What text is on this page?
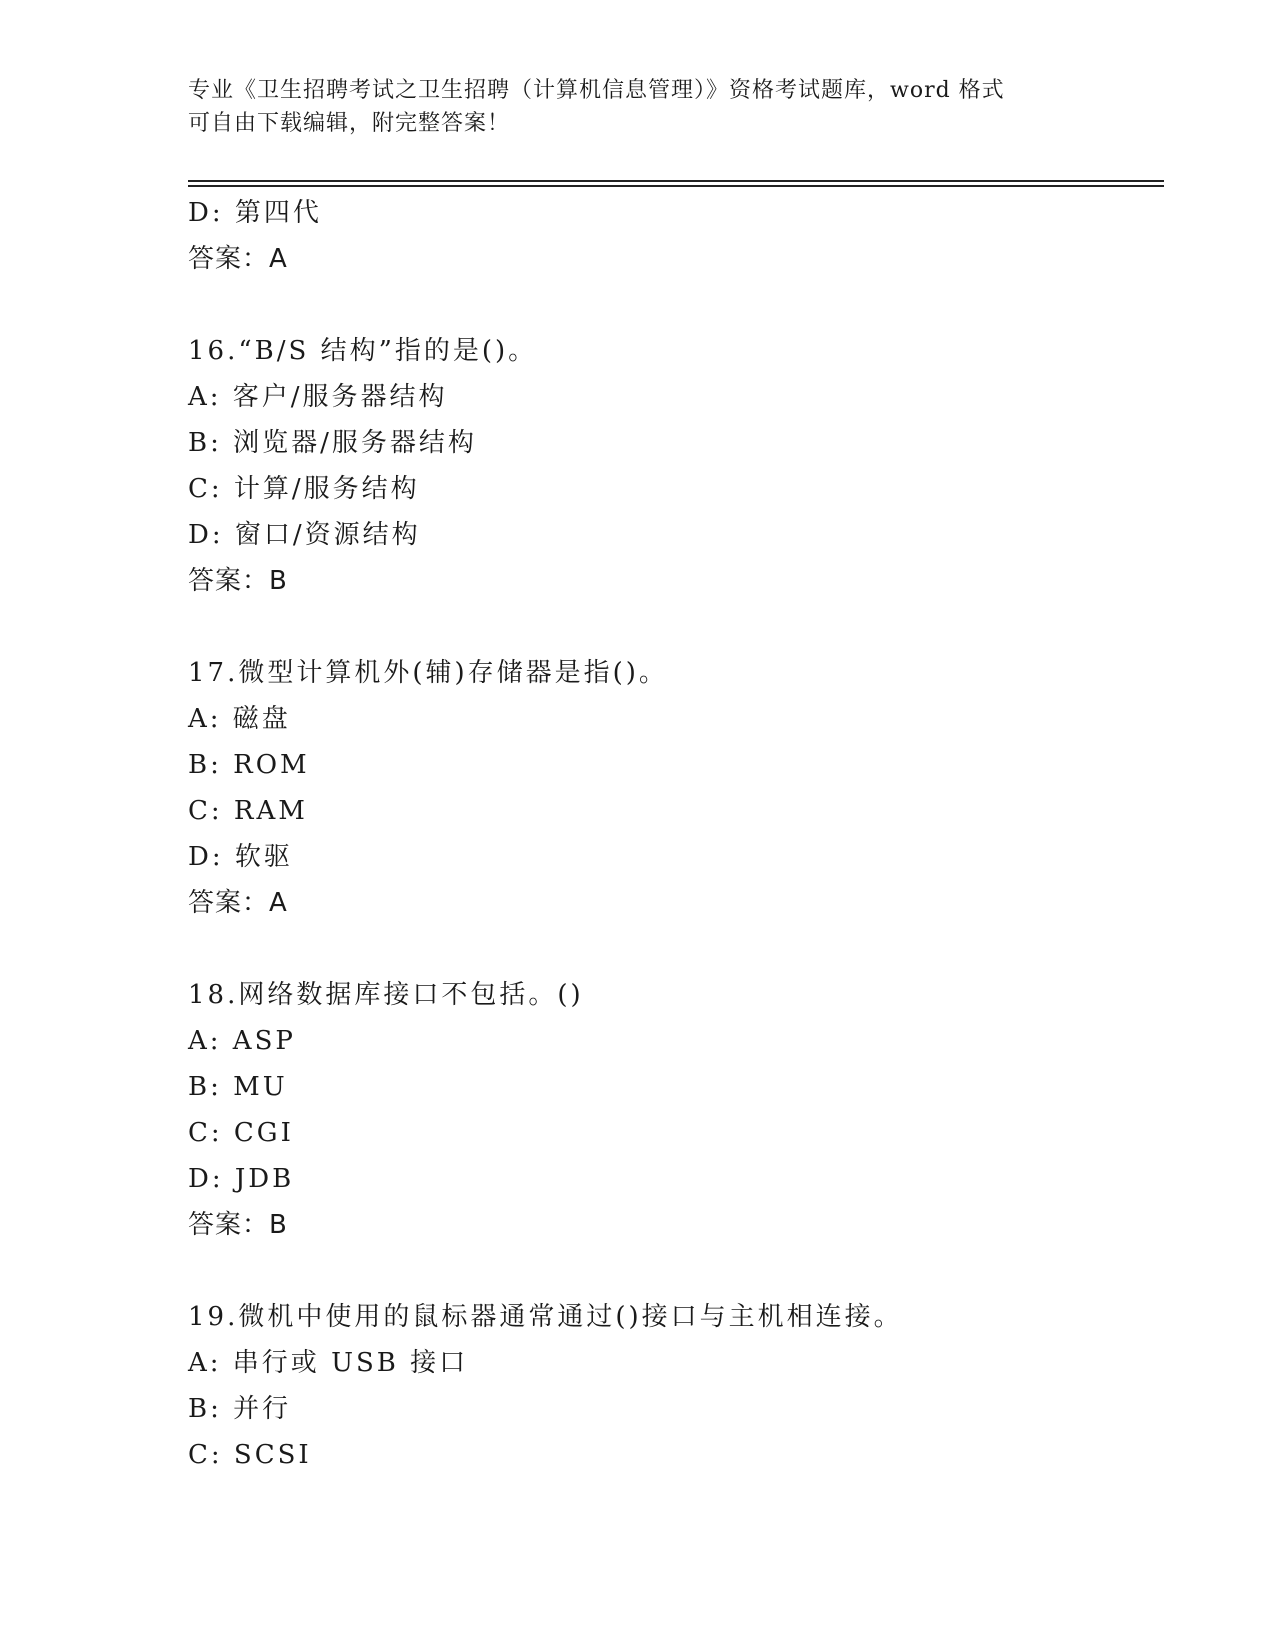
专业《卫生招聘考试之卫生招聘（计算机信息管理）》资格考试题库，word 格式
可自由下载编辑，附完整答案！
D: 第四代
答案：A
16.“B/S 结构”指的是()。
A: 客户/服务器结构
B: 浏览器/服务器结构
C: 计算/服务结构
D: 窗口/资源结构
答案：B
17.微型计算机外(辅)存储器是指()。
A: 磁盘
B: ROM
C: RAM
D: 软驱
答案：A
18.网络数据库接口不包括。()
A: ASP
B: MU
C: CGI
D: JDB
答案：B
19.微机中使用的鼠标器通常通过()接口与主机相连接。
A: 串行或 USB 接口
B: 并行
C: SCSI
